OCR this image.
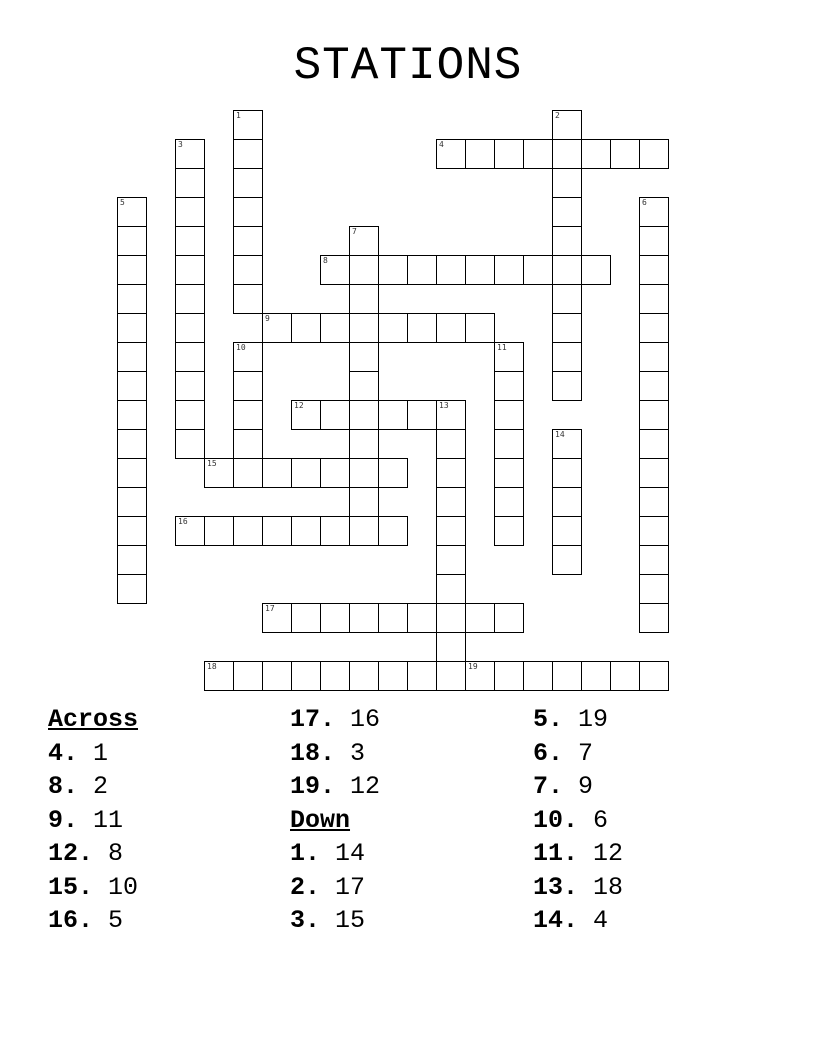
STATIONS
1	2
3	4
5	6
7
8
9
10	11
12	13
14
15
16
17
18	19
Across
4. 1
8. 2
9. 11
12. 8
15. 10
16. 5
17. 16
18. 3
19. 12
Down
1. 14
2. 17
3. 15
5. 19
6. 7
7. 9
10. 6
11. 12
13. 18
14. 4
